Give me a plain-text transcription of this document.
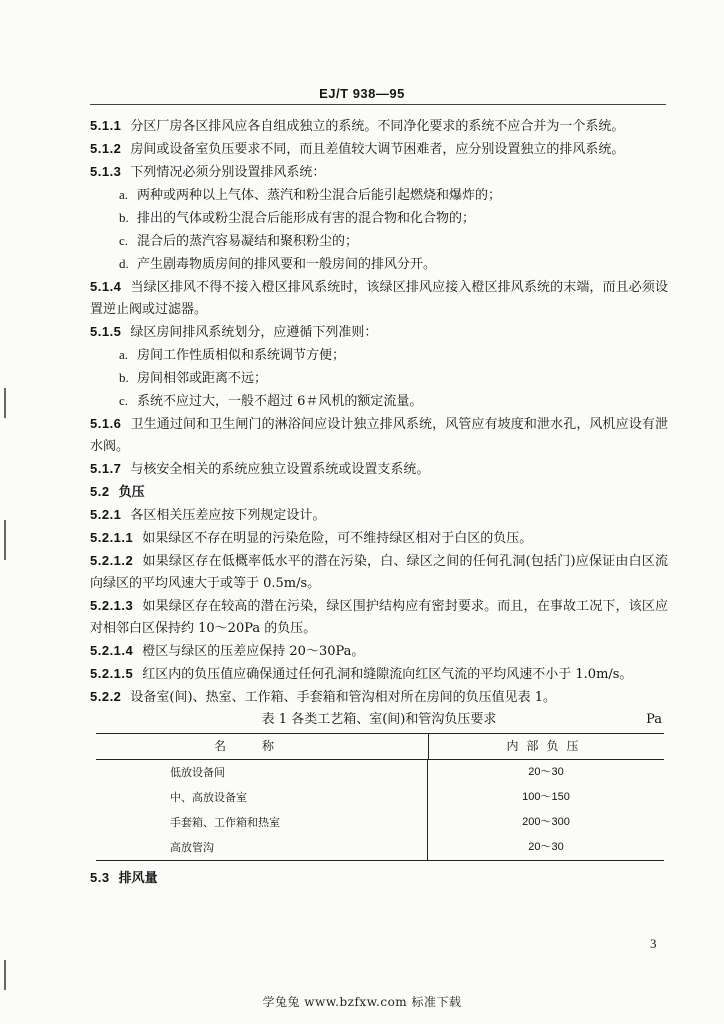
EJ/T 938—95

5.1.1 分区厂房各区排风应各自组成独立的系统。不同净化要求的系统不应合并为一个系统。

5.1.2 房间或设备室负压要求不同，而且差值较大调节困难者，应分别设置独立的排风系统。

5.1.3 下列情况必须分别设置排风系统：

a. 两种或两种以上气体、蒸汽和粉尘混合后能引起燃烧和爆炸的；

b. 排出的气体或粉尘混合后能形成有害的混合物和化合物的；

c. 混合后的蒸汽容易凝结和聚积粉尘的；

d. 产生剧毒物质房间的排风要和一般房间的排风分开。

5.1.4 当绿区排风不得不接入橙区排风系统时，该绿区排风应接入橙区排风系统的末端，而且必须设置逆止阀或过滤器。

5.1.5 绿区房间排风系统划分，应遵循下列准则：

a. 房间工作性质相似和系统调节方便；

b. 房间相邻或距离不远；

c. 系统不应过大，一般不超过 6＃风机的额定流量。

5.1.6 卫生通过间和卫生闸门的淋浴间应设计独立排风系统，风管应有坡度和泄水孔，风机应设有泄水阀。

5.1.7 与核安全相关的系统应独立设置系统或设置支系统。

5.2 负压

5.2.1 各区相关压差应按下列规定设计。

5.2.1.1 如果绿区不存在明显的污染危险，可不维持绿区相对于白区的负压。

5.2.1.2 如果绿区存在低概率低水平的潜在污染，白、绿区之间的任何孔洞(包括门)应保证由白区流向绿区的平均风速大于或等于 0.5m/s。

5.2.1.3 如果绿区存在较高的潜在污染，绿区围护结构应有密封要求。而且，在事故工况下，该区应对相邻白区保持约 10～20Pa 的负压。

5.2.1.4 橙区与绿区的压差应保持 20～30Pa。

5.2.1.5 红区内的负压值应确保通过任何孔洞和缝隙流向红区气流的平均风速不小于 1.0m/s。

5.2.2 设备室(间)、热室、工作箱、手套箱和管沟相对所在房间的负压值见表 1。

表 1 各类工艺箱、室(间)和管沟负压要求	Pa
名称	内部负压
低放设备间	20～30
中、高放设备室	100～150
手套箱、工作箱和热室	200～300
高放管沟	20～30

5.3 排风量

3
学兔兔 www.bzfxw.com 标准下载
